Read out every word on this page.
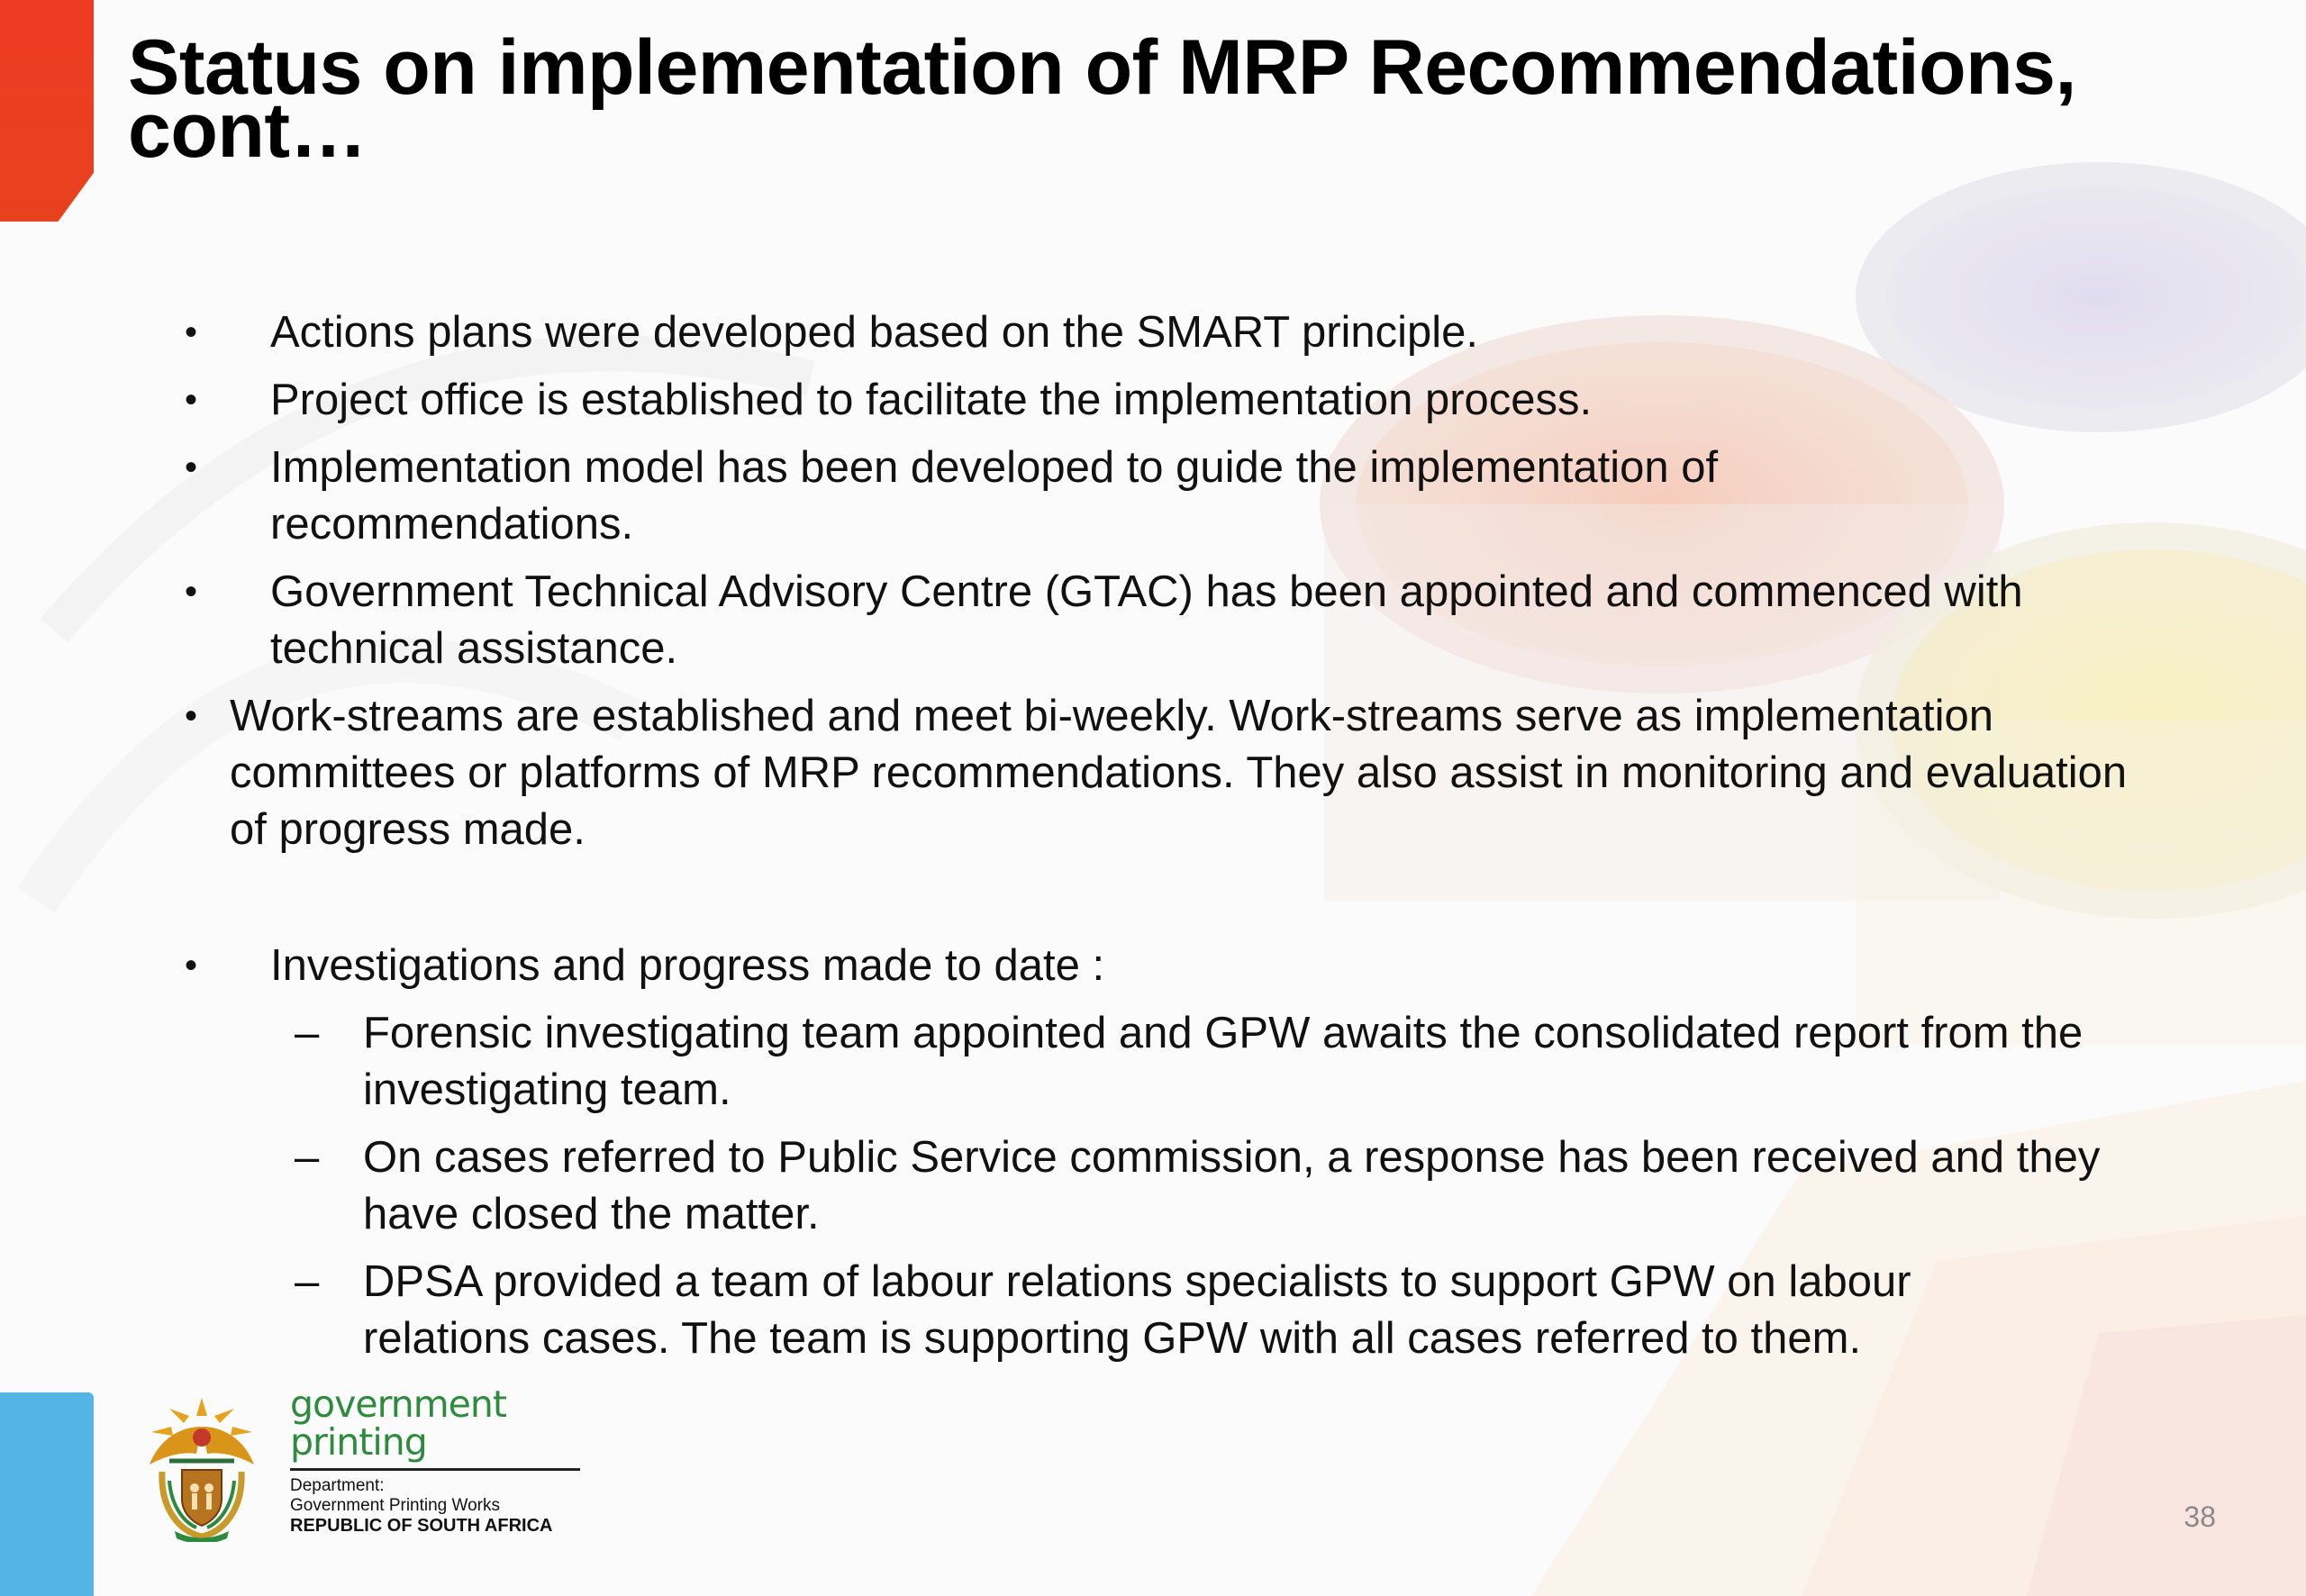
Status on implementation of MRP Recommendations, cont…
• Actions plans were developed based on the SMART principle.
• Project office is established to facilitate the implementation process.
• Implementation model has been developed to guide the implementation of recommendations.
• Government Technical Advisory Centre (GTAC) has been appointed and commenced with technical assistance.
• Work-streams are established and meet bi-weekly. Work-streams serve as implementation committees or platforms of MRP recommendations. They also assist in monitoring and evaluation of progress made.
• Investigations and progress made to date :
– Forensic investigating team appointed and GPW awaits the consolidated report from the investigating team.
– On cases referred to Public Service commission, a response has been received and they have closed the matter.
– DPSA provided a team of labour relations specialists to support GPW on labour relations cases. The team is supporting GPW with all cases referred to them.
government
printing
Department:
Government Printing Works
REPUBLIC OF SOUTH AFRICA	38
